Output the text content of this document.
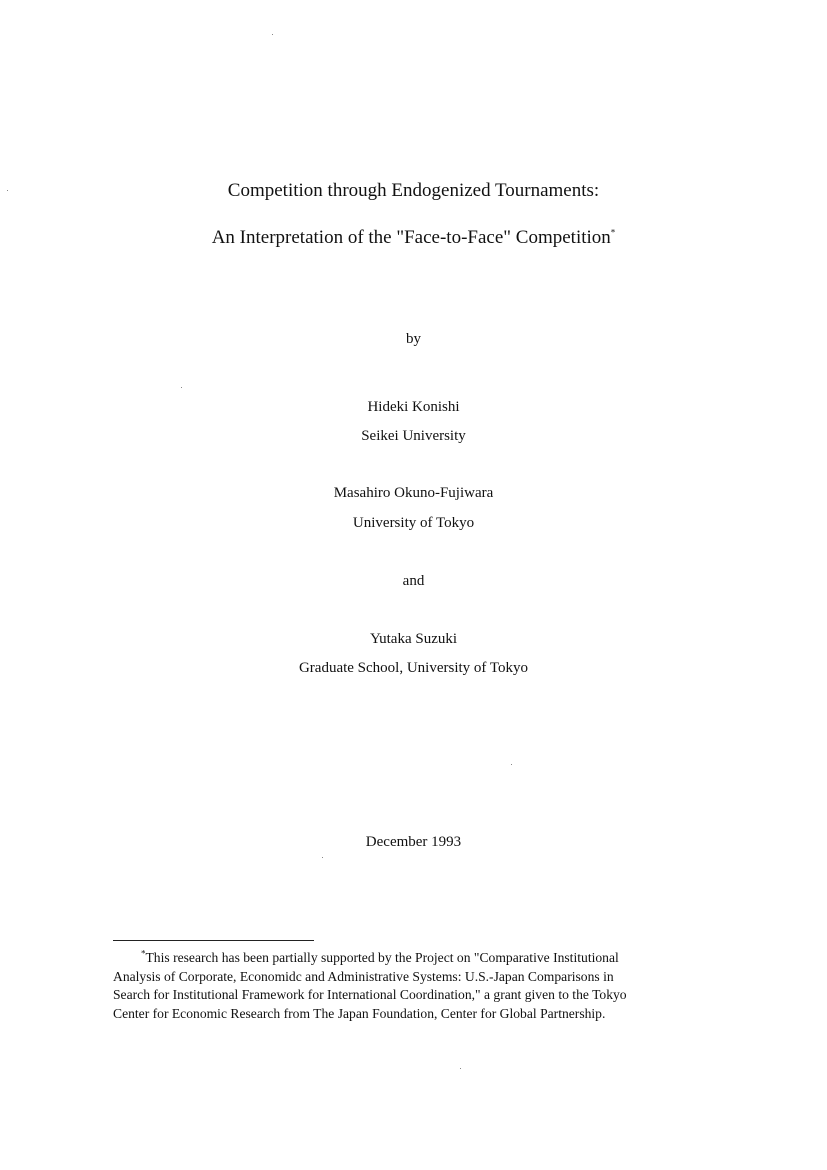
Competition through Endogenized Tournaments:
An Interpretation of the "Face-to-Face" Competition*
by
Hideki Konishi
Seikei University
Masahiro Okuno-Fujiwara
University of Tokyo
and
Yutaka Suzuki
Graduate School, University of Tokyo
December 1993
*This research has been partially supported by the Project on "Comparative Institutional
Analysis of Corporate, Economidc and Administrative Systems: U.S.-Japan Comparisons in
Search for Institutional Framework for International Coordination," a grant given to the Tokyo
Center for Economic Research from The Japan Foundation, Center for Global Partnership.
